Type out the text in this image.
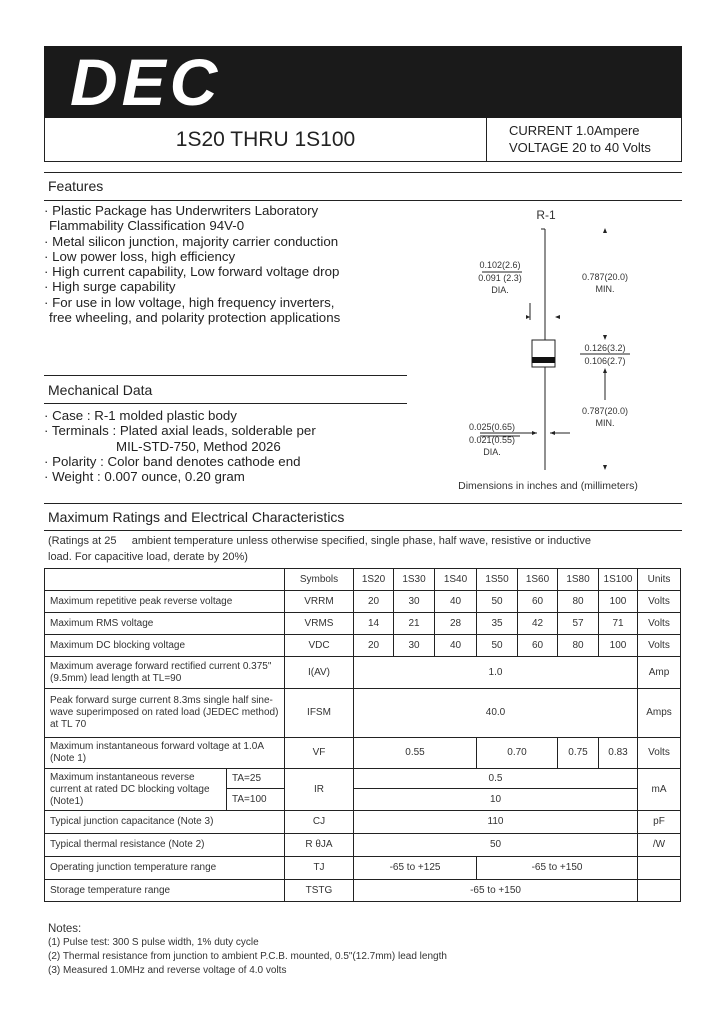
DEC
1S20 THRU 1S100	CURRENT 1.0Ampere
VOLTAGE 20 to 40 Volts
Features
· Plastic Package has Underwriters Laboratory
Flammability Classification 94V-0
· Metal silicon junction, majority carrier conduction
· Low power loss, high efficiency
· High current capability, Low forward voltage drop
· High surge capability
· For use in low voltage, high frequency inverters,
free wheeling, and polarity protection applications
Mechanical Data
· Case : R-1 molded plastic body
· Terminals : Plated axial leads, solderable per
MIL-STD-750, Method 2026
· Polarity : Color band denotes cathode end
· Weight : 0.007 ounce, 0.20 gram
R-1
0.102(2.6)
0.091 (2.3)
DIA.
0.787(20.0)
MIN.
0.126(3.2)
0.106(2.7)
0.787(20.0)
MIN.
0.025(0.65)
0.021(0.55)
DIA.
Dimensions in inches and (millimeters)
Maximum Ratings and Electrical Characteristics
(Ratings at 25     ambient temperature unless otherwise specified, single phase, half wave, resistive or inductive
load. For capacitive load, derate by 20%)
		Symbols	1S20	1S30	1S40	1S50	1S60	1S80	1S100	Units
Maximum repetitive peak reverse voltage		VRRM	20	30	40	50	60	80	100	Volts
Maximum RMS voltage		VRMS	14	21	28	35	42	57	71	Volts
Maximum DC blocking voltage		VDC	20	30	40	50	60	80	100	Volts
Maximum average forward rectified current 0.375"(9.5mm) lead length at TL=90		I(AV)	1.0							Amp
Peak forward surge current 8.3ms single half sine-wave superimposed on rated load (JEDEC method) at TL 70		IFSM	40.0							Amps
Maximum instantaneous forward voltage at 1.0A (Note 1)		VF	0.55			0.70		0.75	0.83	Volts
Maximum instantaneous reverse current at rated DC blocking voltage (Note1)	TA=25	IR	0.5							mA
	TA=100		10							
Typical junction capacitance (Note 3)		CJ	110							pF
Typical thermal resistance (Note 2)		R θJA	50							/W
Operating junction temperature range		TJ	-65 to +125			-65 to +150				
Storage temperature range		TSTG	-65 to +150							
Notes:
(1) Pulse test: 300 S pulse width, 1% duty cycle
(2) Thermal resistance from junction to ambient P.C.B. mounted, 0.5"(12.7mm) lead length
(3) Measured 1.0MHz and reverse voltage of 4.0 volts
